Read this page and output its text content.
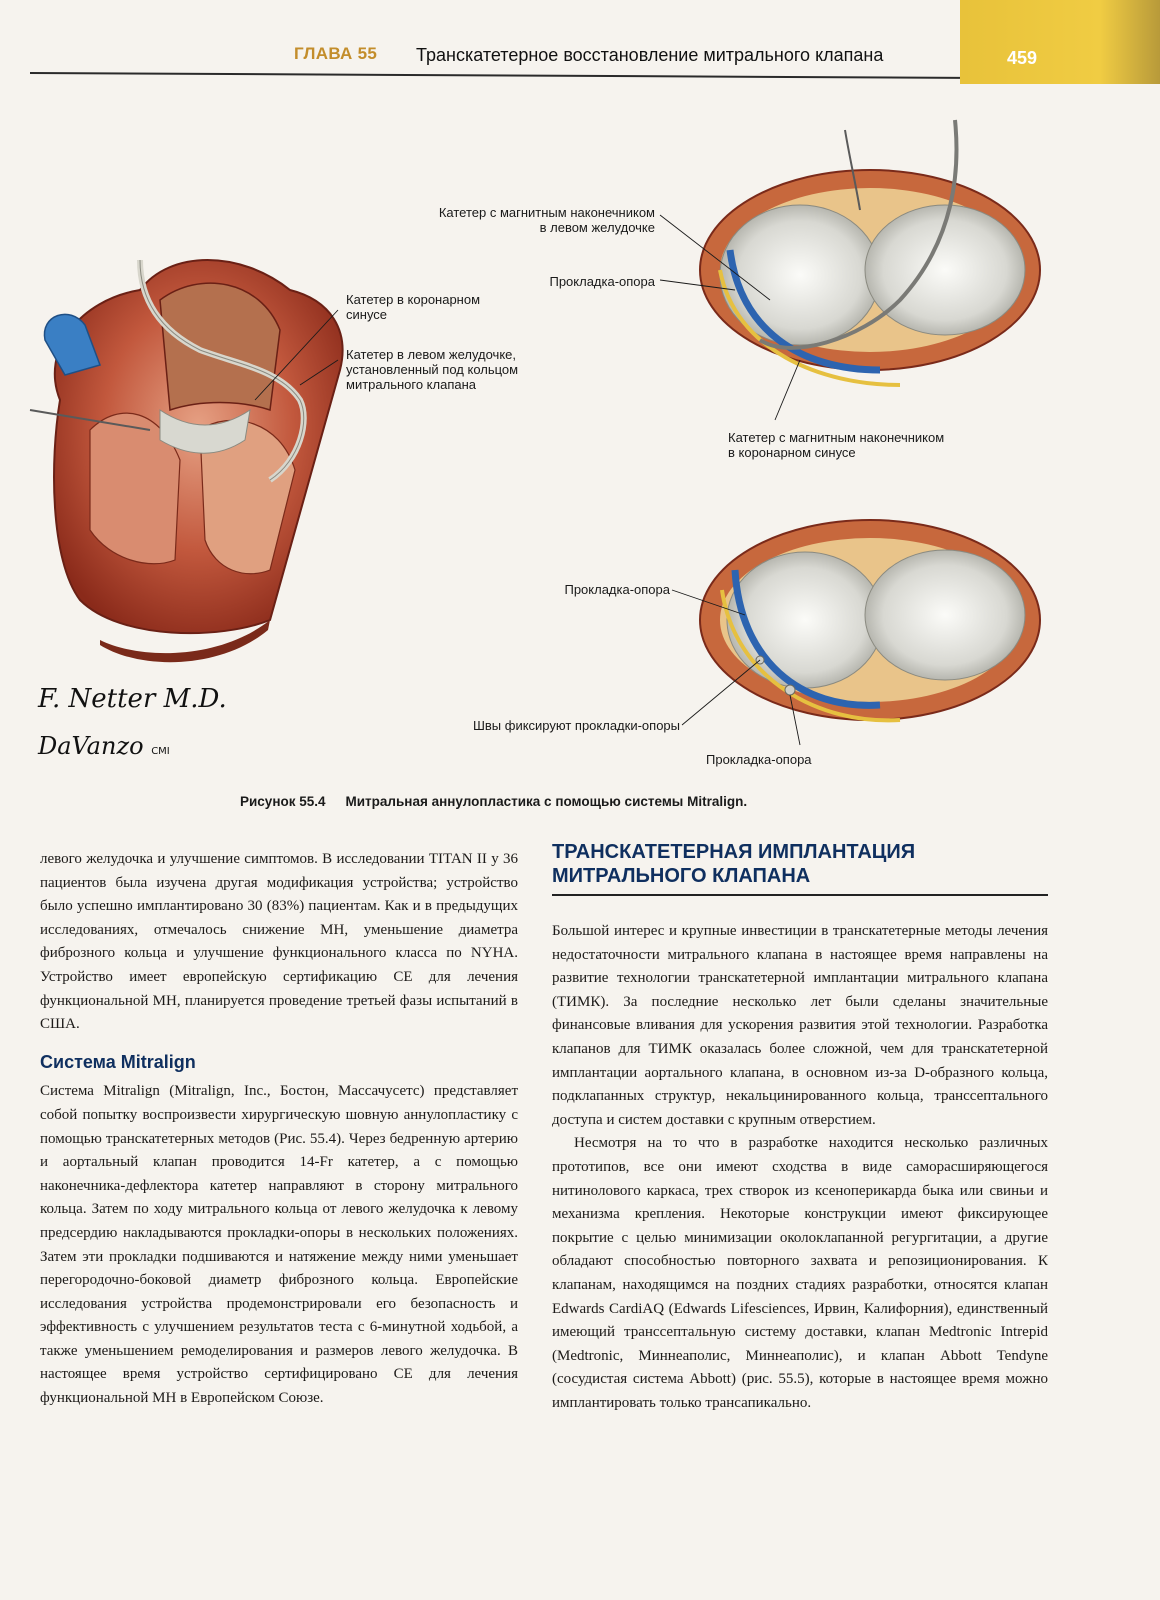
ГЛАВА 55 Транскатетерное восстановление митрального клапана	459
Катетер в коронарном
синусе
Катетер в левом желудочке,
установленный под кольцом
митрального клапана
Катетер с магнитным наконечником
в левом желудочке
Прокладка-опора
Катетер с магнитным наконечником
в коронарном синусе
Прокладка-опора
Швы фиксируют прокладки-опоры
Прокладка-опора
F. Netter M.D.
DaVanzo CMI
Рисунок 55.4 Митральная аннулопластика с помощью системы Mitralign.

левого желудочка и улучшение симптомов. В исследовании TITAN II у 36 пациентов была изучена другая модификация устройства; устройство было успешно имплантировано 30 (83%) пациентам. Как и в предыдущих исследованиях, отмечалось снижение МН, уменьшение диаметра фиброзного кольца и улучшение функционального класса по NYHA. Устройство имеет европейскую сертификацию CE для лечения функциональной МН, планируется проведение третьей фазы испытаний в США.

Система Mitralign

Система Mitralign (Mitralign, Inc., Бостон, Массачусетс) представляет собой попытку воспроизвести хирургическую шовную аннулопластику с помощью транскатетерных методов (Рис. 55.4). Через бедренную артерию и аортальный клапан проводится 14-Fr катетер, а с помощью наконечника-дефлектора катетер направляют в сторону митрального кольца. Затем по ходу митрального кольца от левого желудочка к левому предсердию накладываются прокладки-опоры в нескольких положениях. Затем эти прокладки подшиваются и натяжение между ними уменьшает перегородочно-боковой диаметр фиброзного кольца. Европейские исследования устройства продемонстрировали его безопасность и эффективность с улучшением результатов теста с 6-минутной ходьбой, а также уменьшением ремоделирования и размеров левого желудочка. В настоящее время устройство сертифицировано CE для лечения функциональной МН в Европейском Союзе.

ТРАНСКАТЕТЕРНАЯ ИМПЛАНТАЦИЯ МИТРАЛЬНОГО КЛАПАНА

Большой интерес и крупные инвестиции в транскатетерные методы лечения недостаточности митрального клапана в настоящее время направлены на развитие технологии транскатетерной имплантации митрального клапана (ТИМК). За последние несколько лет были сделаны значительные финансовые вливания для ускорения развития этой технологии. Разработка клапанов для ТИМК оказалась более сложной, чем для транскатетерной имплантации аортального клапана, в основном из-за D-образного кольца, подклапанных структур, некальцинированного кольца, транссептального доступа и систем доставки с крупным отверстием.

Несмотря на то что в разработке находится несколько различных прототипов, все они имеют сходства в виде саморасширяющегося нитинолового каркаса, трех створок из ксеноперикарда быка или свиньи и механизма крепления. Некоторые конструкции имеют фиксирующее покрытие с целью минимизации околоклапанной регургитации, а другие обладают способностью повторного захвата и репозиционирования. К клапанам, находящимся на поздних стадиях разработки, относятся клапан Edwards CardiAQ (Edwards Lifesciences, Ирвин, Калифорния), единственный имеющий транссептальную систему доставки, клапан Medtronic Intrepid (Medtronic, Миннеаполис, Миннеаполис), и клапан Abbott Tendyne (сосудистая система Abbott) (рис. 55.5), которые в настоящее время можно имплантировать только трансапикально.
